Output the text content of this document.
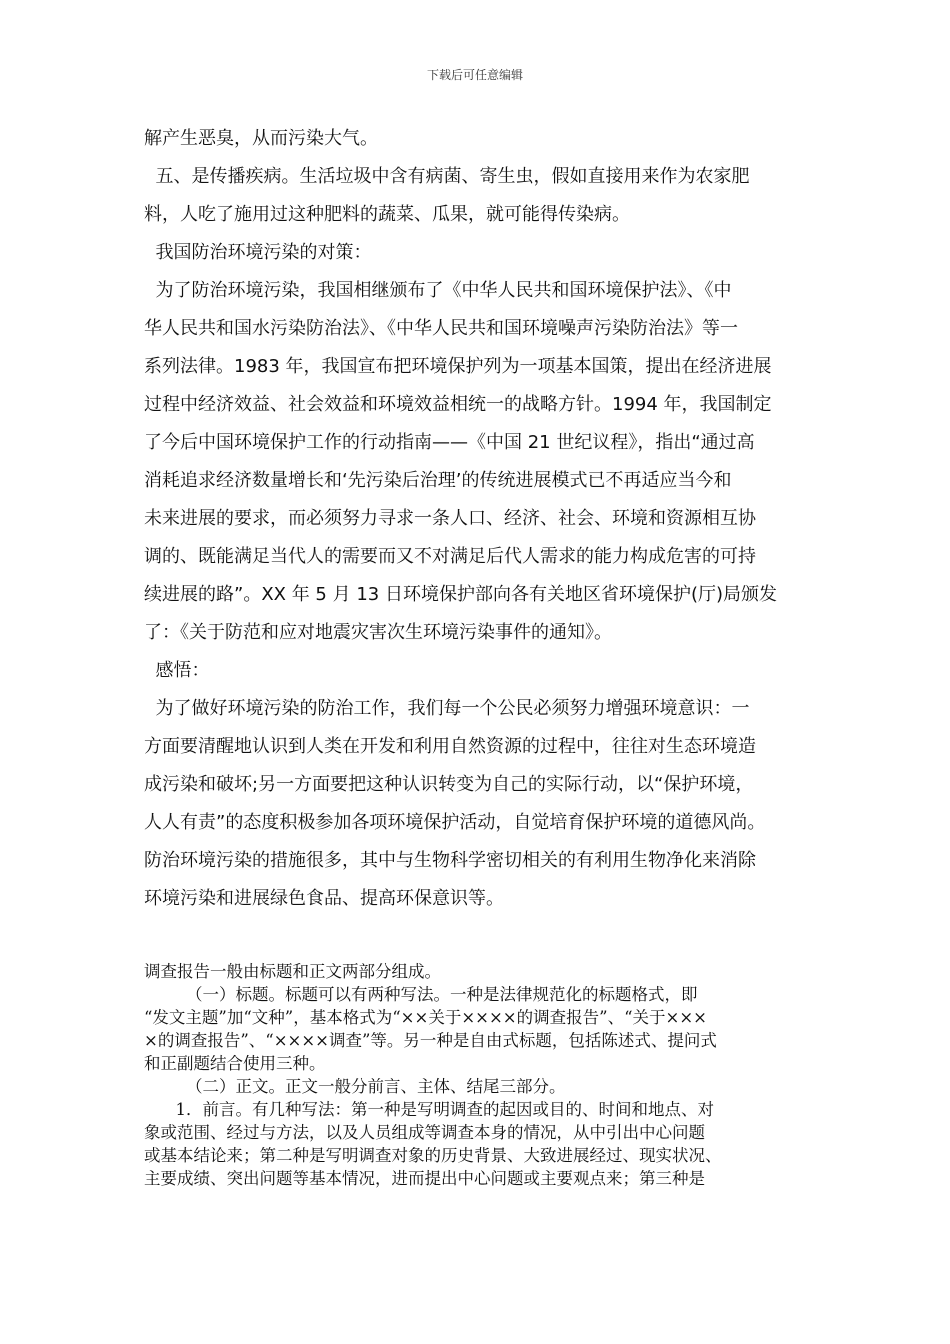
下载后可任意编辑
解产生恶臭，从而污染大气。
五、是传播疾病。生活垃圾中含有病菌、寄生虫，假如直接用来作为农家肥
料，人吃了施用过这种肥料的蔬菜、瓜果，就可能得传染病。
我国防治环境污染的对策：
为了防治环境污染，我国相继颁布了《中华人民共和国环境保护法》、《中
华人民共和国水污染防治法》、《中华人民共和国环境噪声污染防治法》等一
系列法律。1983 年，我国宣布把环境保护列为一项基本国策，提出在经济进展
过程中经济效益、社会效益和环境效益相统一的战略方针。1994 年，我国制定
了今后中国环境保护工作的行动指南——《中国 21 世纪议程》，指出“通过高
消耗追求经济数量增长和‘先污染后治理’的传统进展模式已不再适应当今和
未来进展的要求，而必须努力寻求一条人口、经济、社会、环境和资源相互协
调的、既能满足当代人的需要而又不对满足后代人需求的能力构成危害的可持
续进展的路”。XX 年 5 月 13 日环境保护部向各有关地区省环境保护(厅)局颁发
了：《关于防范和应对地震灾害次生环境污染事件的通知》。
感悟：
为了做好环境污染的防治工作，我们每一个公民必须努力增强环境意识：一
方面要清醒地认识到人类在开发和利用自然资源的过程中，往往对生态环境造
成污染和破坏;另一方面要把这种认识转变为自己的实际行动，以“保护环境，
人人有责”的态度积极参加各项环境保护活动，自觉培育保护环境的道德风尚。
防治环境污染的措施很多，其中与生物科学密切相关的有利用生物净化来消除
环境污染和进展绿色食品、提高环保意识等。
调查报告一般由标题和正文两部分组成。
（一）标题。标题可以有两种写法。一种是法律规范化的标题格式，即
“发文主题”加“文种”，基本格式为“××关于××××的调查报告”、“关于×××
×的调查报告”、“××××调查”等。另一种是自由式标题，包括陈述式、提问式
和正副题结合使用三种。
（二）正文。正文一般分前言、主体、结尾三部分。
1．前言。有几种写法：第一种是写明调查的起因或目的、时间和地点、对
象或范围、经过与方法，以及人员组成等调查本身的情况，从中引出中心问题
或基本结论来；第二种是写明调查对象的历史背景、大致进展经过、现实状况、
主要成绩、突出问题等基本情况，进而提出中心问题或主要观点来；第三种是
